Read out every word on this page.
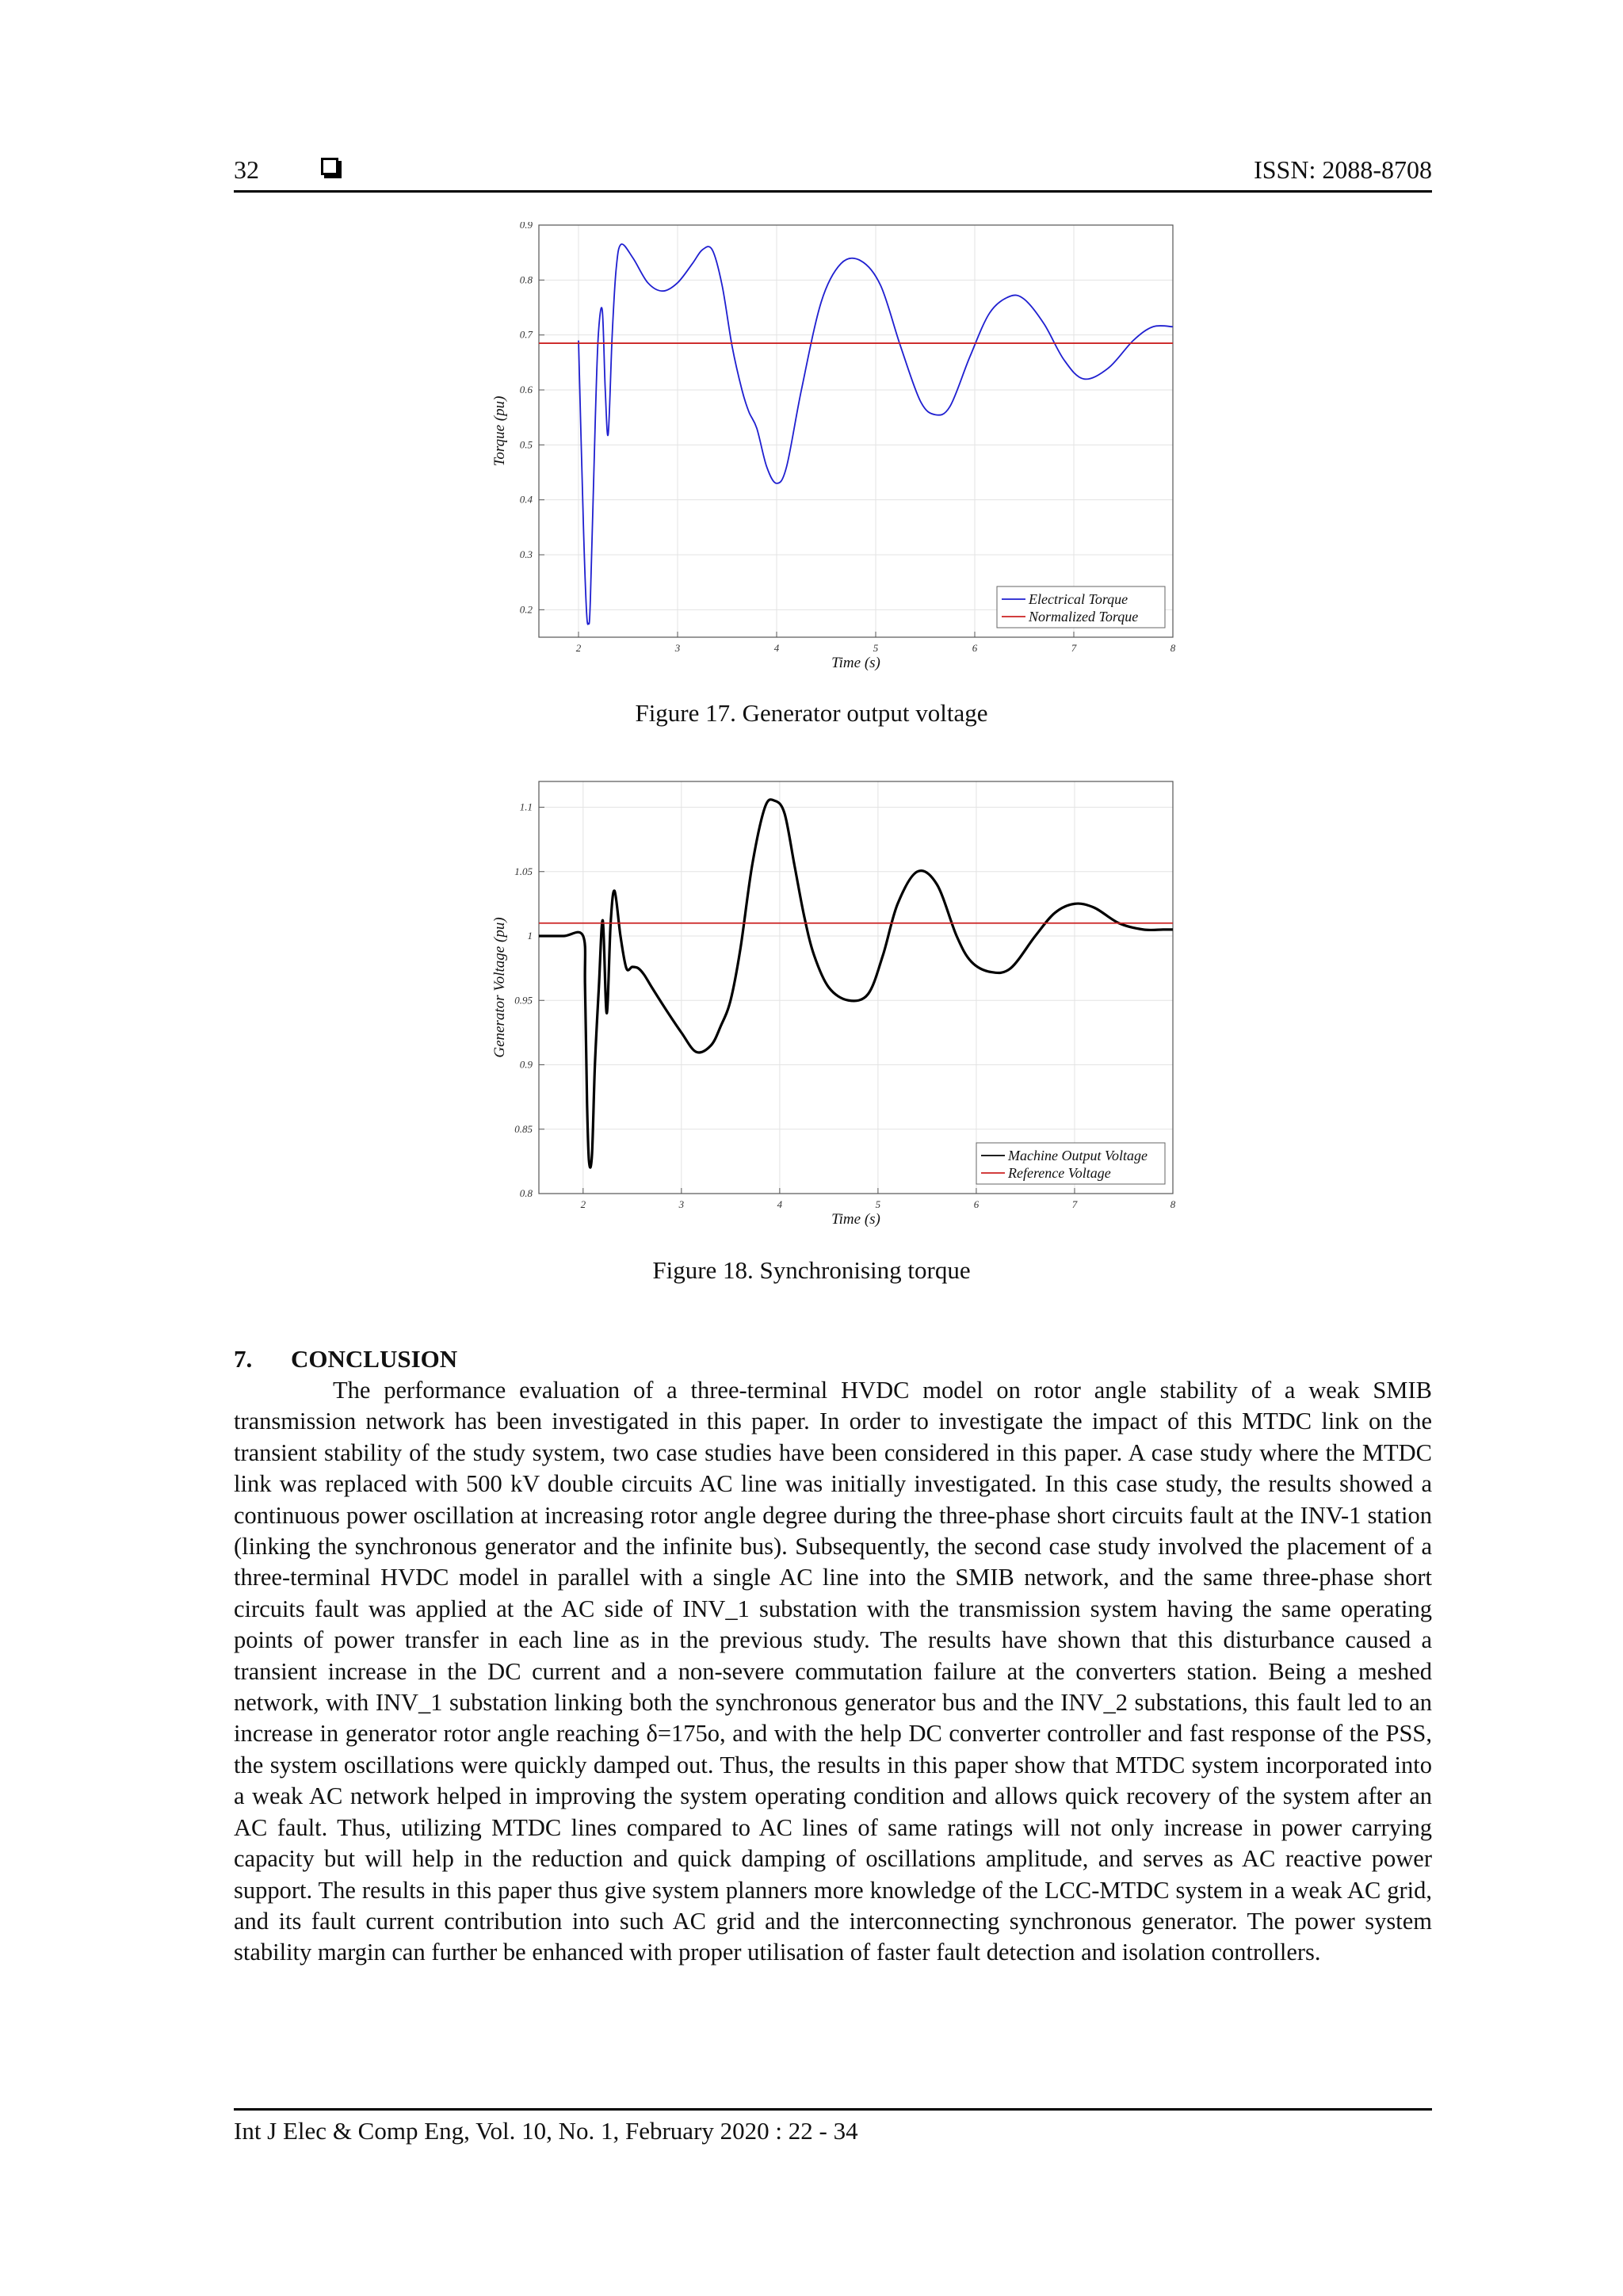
32	ISSN: 2088-8708
2	3	4	5	6	7	8
0.2
0.3
0.4
0.5
0.6
0.7
0.8
0.9
Time (s)
Torque (pu)
Electrical Torque
Normalized Torque
Figure 17. Generator output voltage
2	3	4	5	6	7	8
0.8
0.85
0.9
0.95
1
1.05
1.1
Time (s)
Generator Voltage (pu)
Machine Output Voltage
Reference Voltage
Figure 18. Synchronising torque
7. CONCLUSION

The performance evaluation of a three-terminal HVDC model on rotor angle stability of a weak SMIB transmission network has been investigated in this paper. In order to investigate the impact of this MTDC link on the transient stability of the study system, two case studies have been considered in this paper. A case study where the MTDC link was replaced with 500 kV double circuits AC line was initially investigated. In this case study, the results showed a continuous power oscillation at increasing rotor angle degree during the three-phase short circuits fault at the INV-1 station (linking the synchronous generator and the infinite bus). Subsequently, the second case study involved the placement of a three-terminal HVDC model in parallel with a single AC line into the SMIB network, and the same three-phase short circuits fault was applied at the AC side of INV_1 substation with the transmission system having the same operating points of power transfer in each line as in the previous study. The results have shown that this disturbance caused a transient increase in the DC current and a non-severe commutation failure at the converters station. Being a meshed network, with INV_1 substation linking both the synchronous generator bus and the INV_2 substations, this fault led to an increase in generator rotor angle reaching δ=175o, and with the help DC converter controller and fast response of the PSS, the system oscillations were quickly damped out. Thus, the results in this paper show that MTDC system incorporated into a weak AC network helped in improving the system operating condition and allows quick recovery of the system after an AC fault. Thus, utilizing MTDC lines compared to AC lines of same ratings will not only increase in power carrying capacity but will help in the reduction and quick damping of oscillations amplitude, and serves as AC reactive power support. The results in this paper thus give system planners more knowledge of the LCC-MTDC system in a weak AC grid, and its fault current contribution into such AC grid and the interconnecting synchronous generator. The power system stability margin can further be enhanced with proper utilisation of faster fault detection and isolation controllers.

Int J Elec & Comp Eng, Vol. 10, No. 1, February 2020 : 22 - 34
